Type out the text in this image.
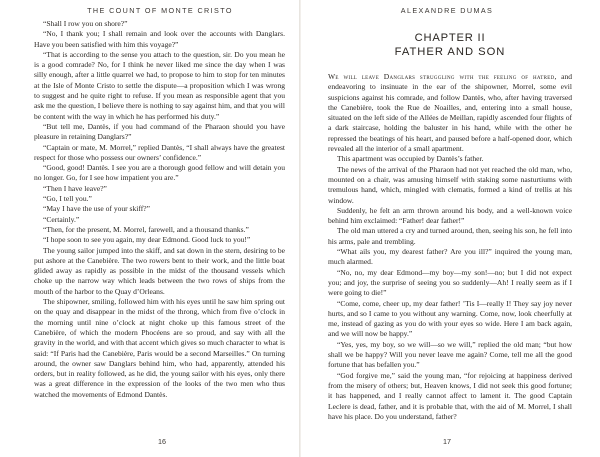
THE COUNT OF MONTE CRISTO

“Shall I row you on shore?”

“No, I thank you; I shall remain and look over the accounts with Danglars. Have you been satisfied with him this voyage?”

“That is according to the sense you attach to the question, sir. Do you mean he is a good comrade? No, for I think he never liked me since the day when I was silly enough, after a little quarrel we had, to propose to him to stop for ten minutes at the Isle of Monte Cristo to settle the dispute—a proposition which I was wrong to suggest and he quite right to refuse. If you mean as responsible agent that you ask me the question, I believe there is nothing to say against him, and that you will be content with the way in which he has performed his duty.”

“But tell me, Dantès, if you had command of the Pharaon should you have pleasure in retaining Danglars?”

“Captain or mate, M. Morrel,” replied Dantès, “I shall always have the greatest respect for those who possess our owners’ confidence.”

“Good, good! Dantès. I see you are a thorough good fellow and will detain you no longer. Go, for I see how impatient you are.”

“Then I have leave?”

“Go, I tell you.”

“May I have the use of your skiff?”

“Certainly.”

“Then, for the present, M. Morrel, farewell, and a thousand thanks.”

“I hope soon to see you again, my dear Edmond. Good luck to you!”

The young sailor jumped into the skiff, and sat down in the stern, desiring to be put ashore at the Canebière. The two rowers bent to their work, and the little boat glided away as rapidly as possible in the midst of the thousand vessels which choke up the narrow way which leads between the two rows of ships from the mouth of the harbor to the Quay d’Orleans.

The shipowner, smiling, followed him with his eyes until he saw him spring out on the quay and disappear in the midst of the throng, which from five o’clock in the morning until nine o’clock at night choke up this famous street of the Canebière, of which the modern Phocéens are so proud, and say with all the gravity in the world, and with that accent which gives so much character to what is said: “If Paris had the Canebière, Paris would be a second Marseilles.” On turning around, the owner saw Danglars behind him, who had, apparently, attended his orders, but in reality followed, as he did, the young sailor with his eyes, only there was a great difference in the expression of the looks of the two men who thus watched the movements of Edmond Dantès.

16
ALEXANDRE DUMAS
CHAPTER II
FATHER AND SON

We will leave Danglars struggling with the feeling of hatred, and endeavoring to insinuate in the ear of the shipowner, Morrel, some evil suspicions against his comrade, and follow Dantès, who, after having traversed the Canebière, took the Rue de Noailles, and, entering into a small house, situated on the left side of the Allées de Meillan, rapidly ascended four flights of a dark staircase, holding the baluster in his hand, while with the other he repressed the beatings of his heart, and paused before a half-opened door, which revealed all the interior of a small apartment.

This apartment was occupied by Dantès’s father.

The news of the arrival of the Pharaon had not yet reached the old man, who, mounted on a chair, was amusing himself with staking some nasturtiums with tremulous hand, which, mingled with clematis, formed a kind of trellis at his window.

Suddenly, he felt an arm thrown around his body, and a well-known voice behind him exclaimed: “Father! dear father!”

The old man uttered a cry and turned around, then, seeing his son, he fell into his arms, pale and trembling.

“What ails you, my dearest father? Are you ill?” inquired the young man, much alarmed.

“No, no, my dear Edmond—my boy—my son!—no; but I did not expect you; and joy, the surprise of seeing you so suddenly—Ah! I really seem as if I were going to die!”

“Come, come, cheer up, my dear father! ’Tis I—really I! They say joy never hurts, and so I came to you without any warning. Come, now, look cheerfully at me, instead of gazing as you do with your eyes so wide. Here I am back again, and we will now be happy.”

“Yes, yes, my boy, so we will—so we will,” replied the old man; “but how shall we be happy? Will you never leave me again? Come, tell me all the good fortune that has befallen you.”

“God forgive me,” said the young man, “for rejoicing at happiness derived from the misery of others; but, Heaven knows, I did not seek this good fortune; it has happened, and I really cannot affect to lament it. The good Captain Leclere is dead, father, and it is probable that, with the aid of M. Morrel, I shall have his place. Do you understand, father?

17
